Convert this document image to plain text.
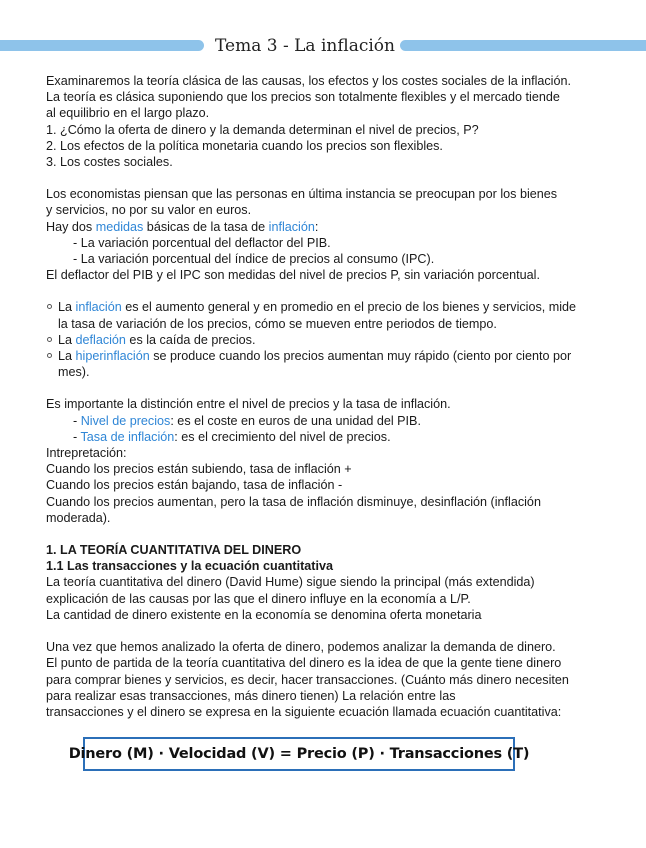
Tema 3 - La inflación

Examinaremos la teoría clásica de las causas, los efectos y los costes sociales de la inflación.

La teoría es clásica suponiendo que los precios son totalmente flexibles y el mercado tiende

al equilibrio en el largo plazo.

1. ¿Cómo la oferta de dinero y la demanda determinan el nivel de precios, P?

2. Los efectos de la política monetaria cuando los precios son flexibles.

3. Los costes sociales.

Los economistas piensan que las personas en última instancia se preocupan por los bienes

y servicios, no por su valor en euros.

Hay dos medidas básicas de la tasa de inflación:

- La variación porcentual del deflactor del PIB.

- La variación porcentual del índice de precios al consumo (IPC).

El deflactor del PIB y el IPC son medidas del nivel de precios P, sin variación porcentual.

La inflación es el aumento general y en promedio en el precio de los bienes y servicios, mide
la tasa de variación de los precios, cómo se mueven entre periodos de tiempo.
La deflación es la caída de precios.
La hiperinflación se produce cuando los precios aumentan muy rápido (ciento por ciento por
mes).

Es importante la distinción entre el nivel de precios y la tasa de inflación.

- Nivel de precios: es el coste en euros de una unidad del PIB.

- Tasa de inflación: es el crecimiento del nivel de precios.

Intrepretación:

Cuando los precios están subiendo, tasa de inflación +

Cuando los precios están bajando, tasa de inflación -

Cuando los precios aumentan, pero la tasa de inflación disminuye, desinflación (inflación

moderada).

1. LA TEORÍA CUANTITATIVA DEL DINERO

1.1 Las transacciones y la ecuación cuantitativa

La teoría cuantitativa del dinero (David Hume) sigue siendo la principal (más extendida)

explicación de las causas por las que el dinero influye en la economía a L/P.

La cantidad de dinero existente en la economía se denomina oferta monetaria

Una vez que hemos analizado la oferta de dinero, podemos analizar la demanda de dinero.

El punto de partida de la teoría cuantitativa del dinero es la idea de que la gente tiene dinero

para comprar bienes y servicios, es decir, hacer transacciones. (Cuánto más dinero necesiten

para realizar esas transacciones, más dinero tienen) La relación entre las

transacciones y el dinero se expresa en la siguiente ecuación llamada ecuación cuantitativa:

Dinero (M) · Velocidad (V) = Precio (P) · Transacciones (T)
